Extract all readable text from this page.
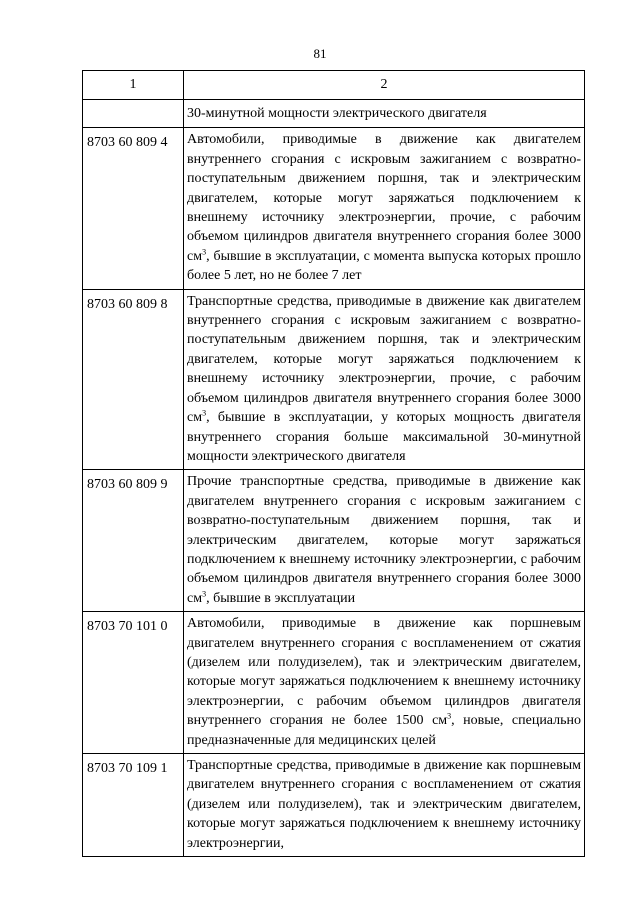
81
1	2
	30-минутной мощности электрического двигателя
8703 60 809 4	Автомобили, приводимые в движение как двигателем внутреннего сгорания с искровым зажиганием с возвратно-поступательным движением поршня, так и электрическим двигателем, которые могут заряжаться подключением к внешнему источнику электроэнергии, прочие, с рабочим объемом цилиндров двигателя внутреннего сгорания более 3000 $см^3$, бывшие в эксплуатации, с момента выпуска которых прошло более 5 лет, но не более 7 лет
8703 60 809 8	Транспортные средства, приводимые в движение как двигателем внутреннего сгорания с искровым зажиганием с возвратно-поступательным движением поршня, так и электрическим двигателем, которые могут заряжаться подключением к внешнему источнику электроэнергии, прочие, с рабочим объемом цилиндров двигателя внутреннего сгорания более 3000 $см^3$, бывшие в эксплуатации, у которых мощность двигателя внутреннего сгорания больше максимальной 30-минутной мощности электрического двигателя
8703 60 809 9	Прочие транспортные средства, приводимые в движение как двигателем внутреннего сгорания с искровым зажиганием с возвратно-поступательным движением поршня, так и электрическим двигателем, которые могут заряжаться подключением к внешнему источнику электроэнергии, с рабочим объемом цилиндров двигателя внутреннего сгорания более 3000 $см^3$, бывшие в эксплуатации
8703 70 101 0	Автомобили, приводимые в движение как поршневым двигателем внутреннего сгорания с воспламенением от сжатия (дизелем или полудизелем), так и электрическим двигателем, которые могут заряжаться подключением к внешнему источнику электроэнергии, с рабочим объемом цилиндров двигателя внутреннего сгорания не более 1500 $см^3$, новые, специально предназначенные для медицинских целей
8703 70 109 1	Транспортные средства, приводимые в движение как поршневым двигателем внутреннего сгорания с воспламенением от сжатия (дизелем или полудизелем), так и электрическим двигателем, которые могут заряжаться подключением к внешнему источнику электроэнергии,
